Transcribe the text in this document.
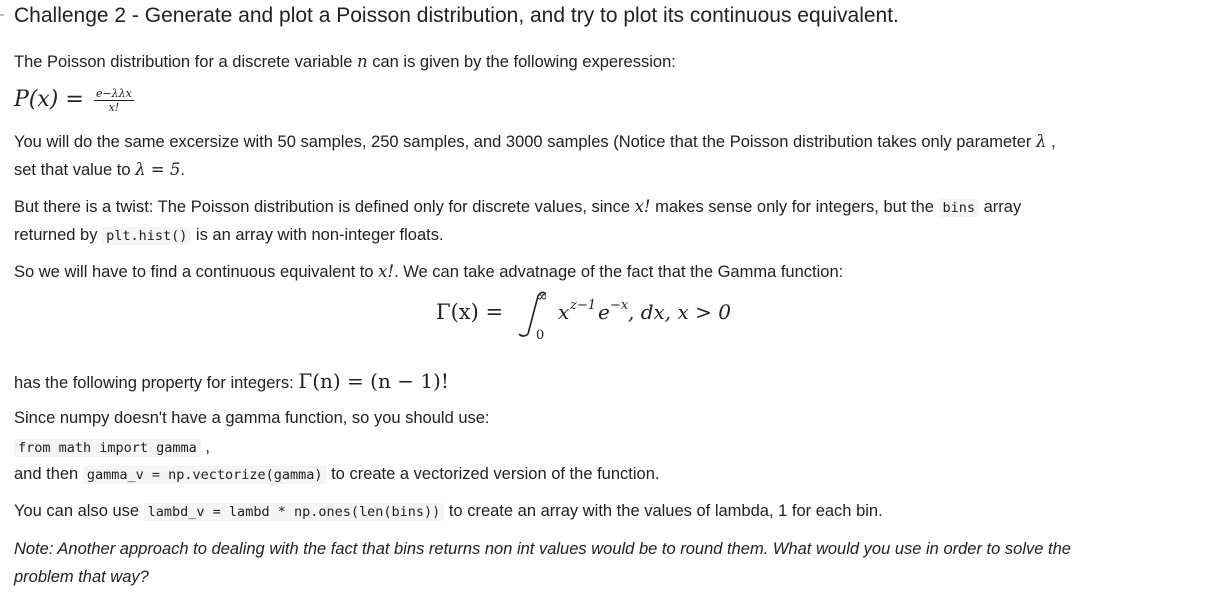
Challenge 2 - Generate and plot a Poisson distribution, and try to plot its continuous equivalent.
The Poisson distribution for a discrete variable n can is given by the following experession:
$P(x) = \frac{\text{e−λλx}}{x!}$
You will do the same excersize with 50 samples, 250 samples, and 3000 samples (Notice that the Poisson distribution takes only parameter λ ,
set that value to λ = 5.
But there is a twist: The Poisson distribution is defined only for discrete values, since x! makes sense only for integers, but the bins array
returned by plt.hist() is an array with non-integer floats.
So we will have to find a continuous equivalent to x!. We can take advatnage of the fact that the Gamma function:
Γ(x) =
∞
0
x z−1 e −x , dx, x > 0
has the following property for integers: Γ(n) = (n − 1)!
Since numpy doesn't have a gamma function, so you should use:
from math import gamma ,
and then gamma_v = np.vectorize(gamma) to create a vectorized version of the function.
You can also use lambd_v = lambd * np.ones(len(bins)) to create an array with the values of lambda, 1 for each bin.
Note: Another approach to dealing with the fact that bins returns non int values would be to round them. What would you use in order to solve the
problem that way?
